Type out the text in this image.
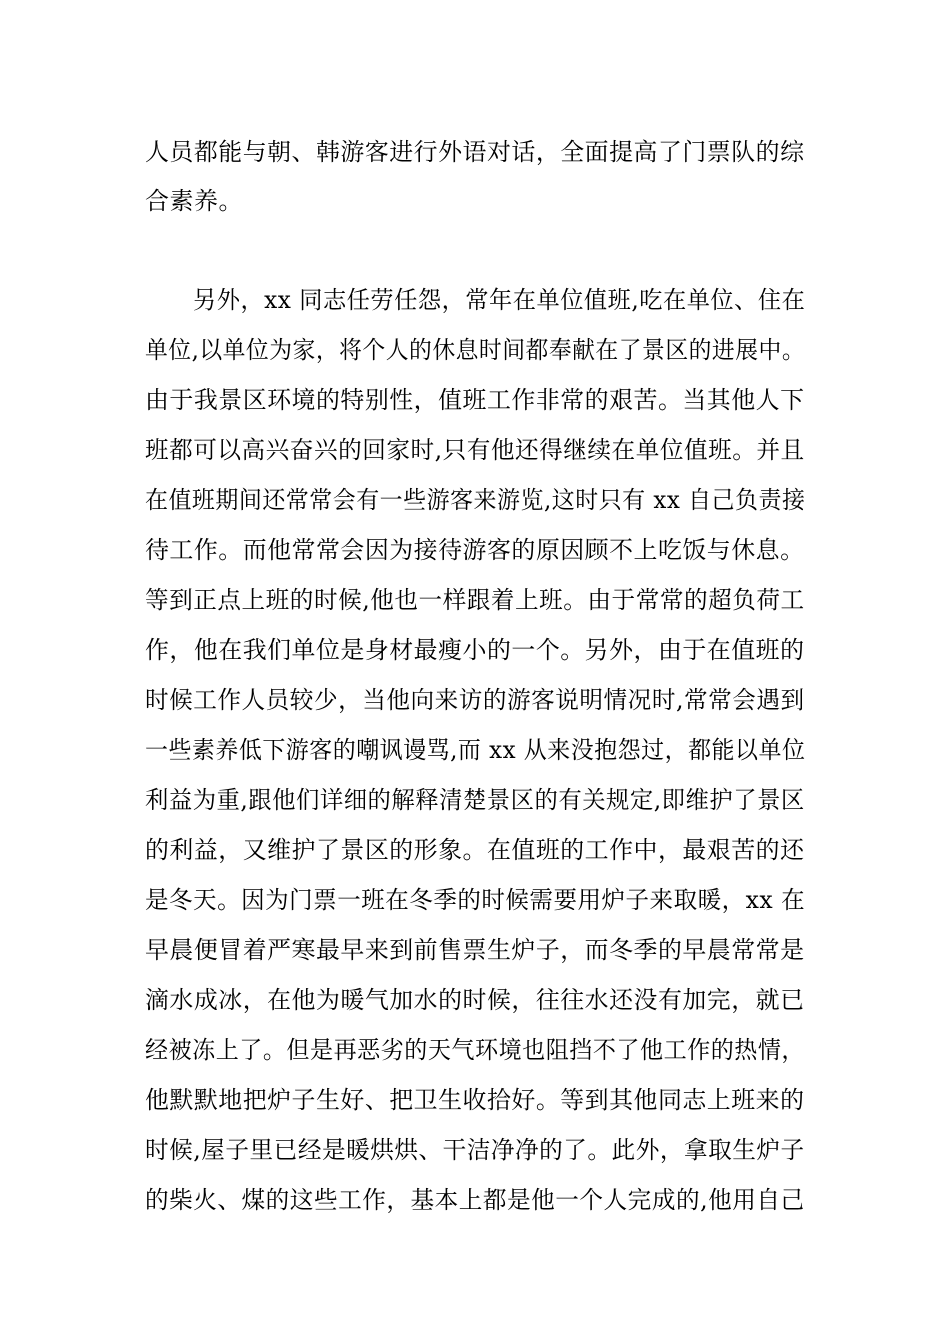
人员都能与朝、韩游客进行外语对话，全面提高了门票队的综
合素养。
另外，xx 同志任劳任怨，常年在单位值班,吃在单位、住在
单位,以单位为家，将个人的休息时间都奉献在了景区的进展中。
由于我景区环境的特别性，值班工作非常的艰苦。当其他人下
班都可以高兴奋兴的回家时,只有他还得继续在单位值班。并且
在值班期间还常常会有一些游客来游览,这时只有 xx 自己负责接
待工作。而他常常会因为接待游客的原因顾不上吃饭与休息。
等到正点上班的时候,他也一样跟着上班。由于常常的超负荷工
作，他在我们单位是身材最瘦小的一个。另外，由于在值班的
时候工作人员较少，当他向来访的游客说明情况时,常常会遇到
一些素养低下游客的嘲讽谩骂,而 xx 从来没抱怨过，都能以单位
利益为重,跟他们详细的解释清楚景区的有关规定,即维护了景区
的利益，又维护了景区的形象。在值班的工作中，最艰苦的还
是冬天。因为门票一班在冬季的时候需要用炉子来取暖，xx 在
早晨便冒着严寒最早来到前售票生炉子，而冬季的早晨常常是
滴水成冰，在他为暖气加水的时候，往往水还没有加完，就已
经被冻上了。但是再恶劣的天气环境也阻挡不了他工作的热情，
他默默地把炉子生好、把卫生收拾好。等到其他同志上班来的
时候,屋子里已经是暖烘烘、干洁净净的了。此外，拿取生炉子
的柴火、煤的这些工作，基本上都是他一个人完成的,他用自己
